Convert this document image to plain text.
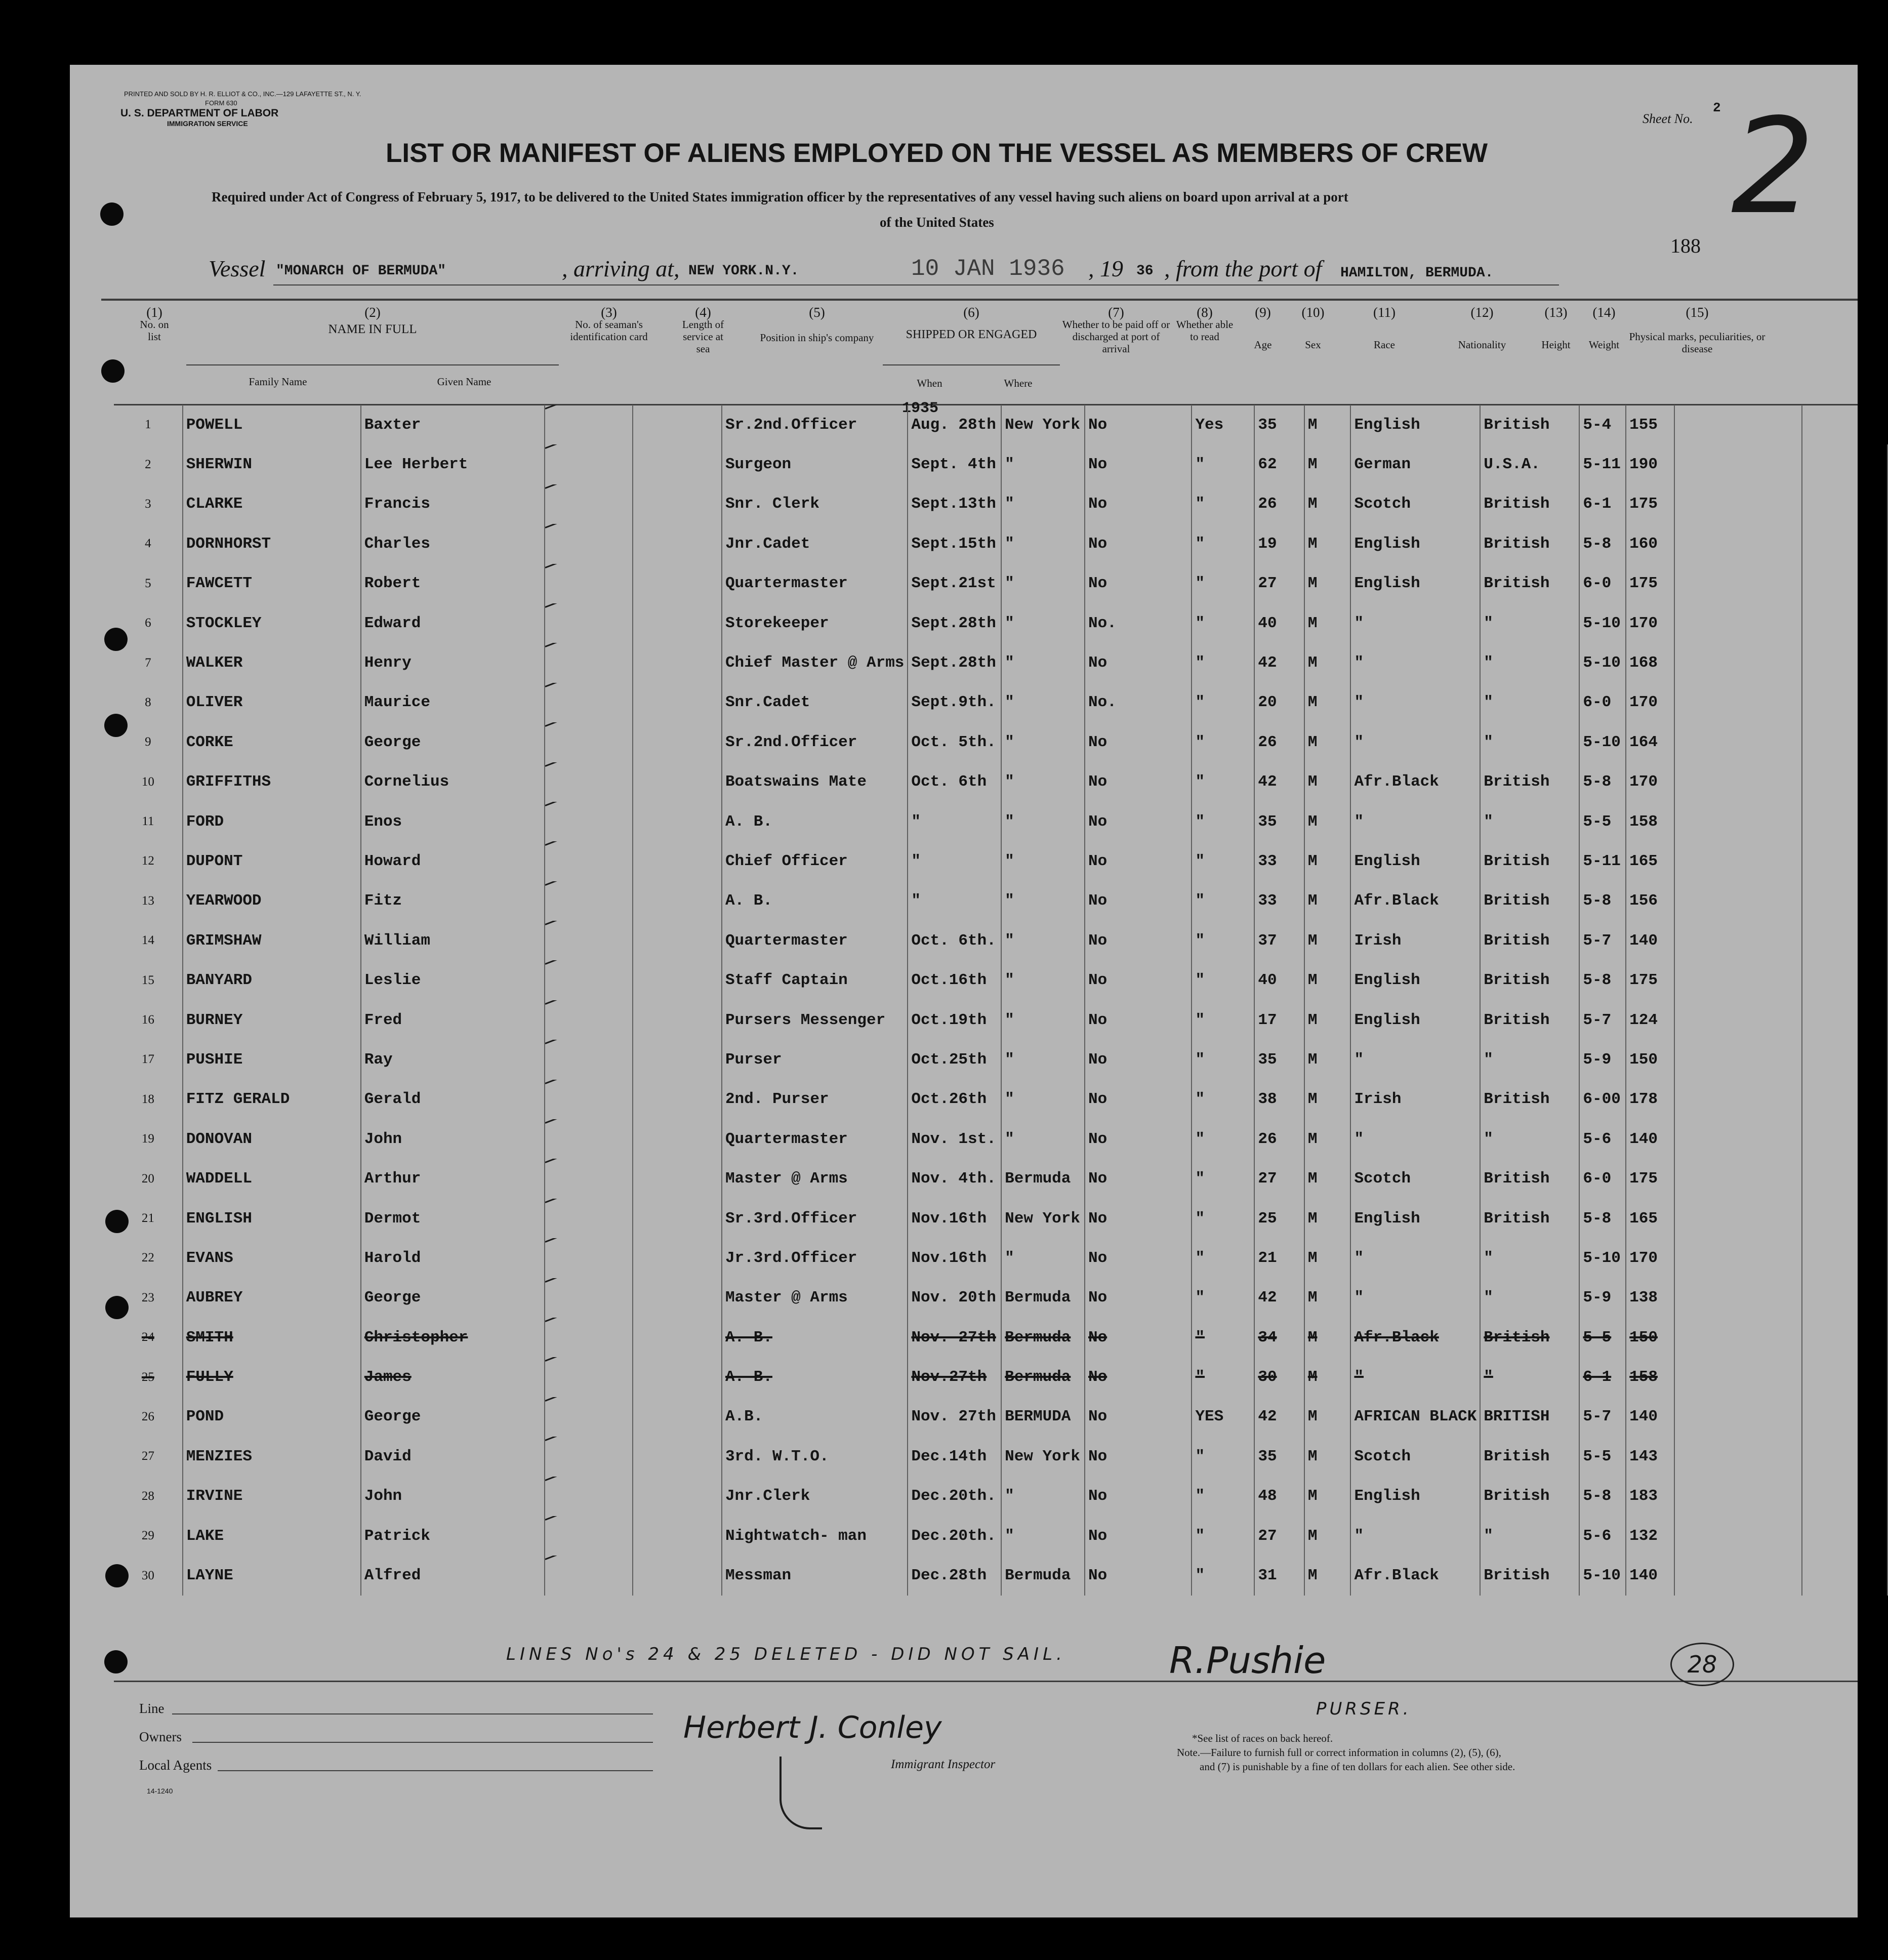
PRINTED AND SOLD BY H. R. ELLIOT & CO., INC.—129 LAFAYETTE ST., N. Y.
FORM 630
U. S. DEPARTMENT OF LABOR
IMMIGRATION SERVICE	Sheet No.
2 2
LIST OR MANIFEST OF ALIENS EMPLOYED ON THE VESSEL AS MEMBERS OF CREW
Required under Act of Congress of February 5, 1917, to be delivered to the United States immigration officer by the representatives of any vessel having such aliens on board upon arrival at a port
of the United States
188
Vessel "MONARCH OF BERMUDA"	, arriving at, NEW YORK.N.Y.	10 JAN 1936 , 19 36 , from the port of HAMILTON, BERMUDA.
(1)
No. on list
(2)
NAME IN FULL
Family Name	Given Name
(3)
No. of seaman's identification card
(4)
Length of service at sea
(5)
Position in ship's company
(6)
SHIPPED OR ENGAGED
When	Where
(7)
Whether to be paid off or discharged at port of arrival
(8)
Whether able to read
(9)
Age
(10)
Sex
(11)
Race
(12)
Nationality
(13)
Height
(14)
Weight
(15)
Physical marks, peculiarities, or disease
1935
1	POWELL	Baxter			Sr.2nd.Officer	Aug. 28th	New York	No	Yes	35	M	English	British	5-4	155		
2	SHERWIN	Lee Herbert			Surgeon	Sept. 4th	"	No	"	62	M	German	U.S.A.	5-11	190		
3	CLARKE	Francis			Snr. Clerk	Sept.13th	"	No	"	26	M	Scotch	British	6-1	175		
4	DORNHORST	Charles			Jnr.Cadet	Sept.15th	"	No	"	19	M	English	British	5-8	160		
5	FAWCETT	Robert			Quartermaster	Sept.21st	"	No	"	27	M	English	British	6-0	175		
6	STOCKLEY	Edward			Storekeeper	Sept.28th	"	No.	"	40	M	"	"	5-10	170		
7	WALKER	Henry			Chief Master @ Arms	Sept.28th	"	No	"	42	M	"	"	5-10	168		
8	OLIVER	Maurice			Snr.Cadet	Sept.9th.	"	No.	"	20	M	"	"	6-0	170		
9	CORKE	George			Sr.2nd.Officer	Oct. 5th.	"	No	"	26	M	"	"	5-10	164		
10	GRIFFITHS	Cornelius			Boatswains Mate	Oct. 6th	"	No	"	42	M	Afr.Black	British	5-8	170		
11	FORD	Enos			A. B.	"	"	No	"	35	M	"	"	5-5	158		
12	DUPONT	Howard			Chief Officer	"	"	No	"	33	M	English	British	5-11	165		
13	YEARWOOD	Fitz			A. B.	"	"	No	"	33	M	Afr.Black	British	5-8	156		
14	GRIMSHAW	William			Quartermaster	Oct. 6th.	"	No	"	37	M	Irish	British	5-7	140		
15	BANYARD	Leslie			Staff Captain	Oct.16th	"	No	"	40	M	English	British	5-8	175		
16	BURNEY	Fred			Pursers Messenger	Oct.19th	"	No	"	17	M	English	British	5-7	124		
17	PUSHIE	Ray			Purser	Oct.25th	"	No	"	35	M	"	"	5-9	150		
18	FITZ GERALD	Gerald			2nd. Purser	Oct.26th	"	No	"	38	M	Irish	British	6-00	178		
19	DONOVAN	John			Quartermaster	Nov. 1st.	"	No	"	26	M	"	"	5-6	140		
20	WADDELL	Arthur			Master @ Arms	Nov. 4th.	Bermuda	No	"	27	M	Scotch	British	6-0	175		
21	ENGLISH	Dermot			Sr.3rd.Officer	Nov.16th	New York	No	"	25	M	English	British	5-8	165		
22	EVANS	Harold			Jr.3rd.Officer	Nov.16th	"	No	"	21	M	"	"	5-10	170		
23	AUBREY	George			Master @ Arms	Nov. 20th	Bermuda	No	"	42	M	"	"	5-9	138		
24	SMITH	Christopher			A. B.	Nov. 27th	Bermuda	No	"	34	M	Afr.Black	British	5-5	150		
25	FULLY	James			A. B.	Nov.27th	Bermuda	No	"	30	M	"	"	6-1	158		
26	POND	George			A.B.	Nov. 27th	BERMUDA	No	YES	42	M	AFRICAN BLACK	BRITISH	5-7	140		
27	MENZIES	David			3rd. W.T.O.	Dec.14th	New York	No	"	35	M	Scotch	British	5-5	143		
28	IRVINE	John			Jnr.Clerk	Dec.20th.	"	No	"	48	M	English	British	5-8	183		
29	LAKE	Patrick			Nightwatch- man	Dec.20th.	"	No	"	27	M	"	"	5-6	132		
30	LAYNE	Alfred			Messman	Dec.28th	Bermuda	No	"	31	M	Afr.Black	British	5-10	140		
LINES No's 24 & 25 DELETED - DID NOT SAIL.	R.Pushie
PURSER.
28
Line
Owners
Local Agents
14-1240
Herbert J. Conley
Immigrant Inspector
*See list of races on back hereof.
Note.—Failure to furnish full or correct information in columns (2), (5), (6),
and (7) is punishable by a fine of ten dollars for each alien. See other side.
